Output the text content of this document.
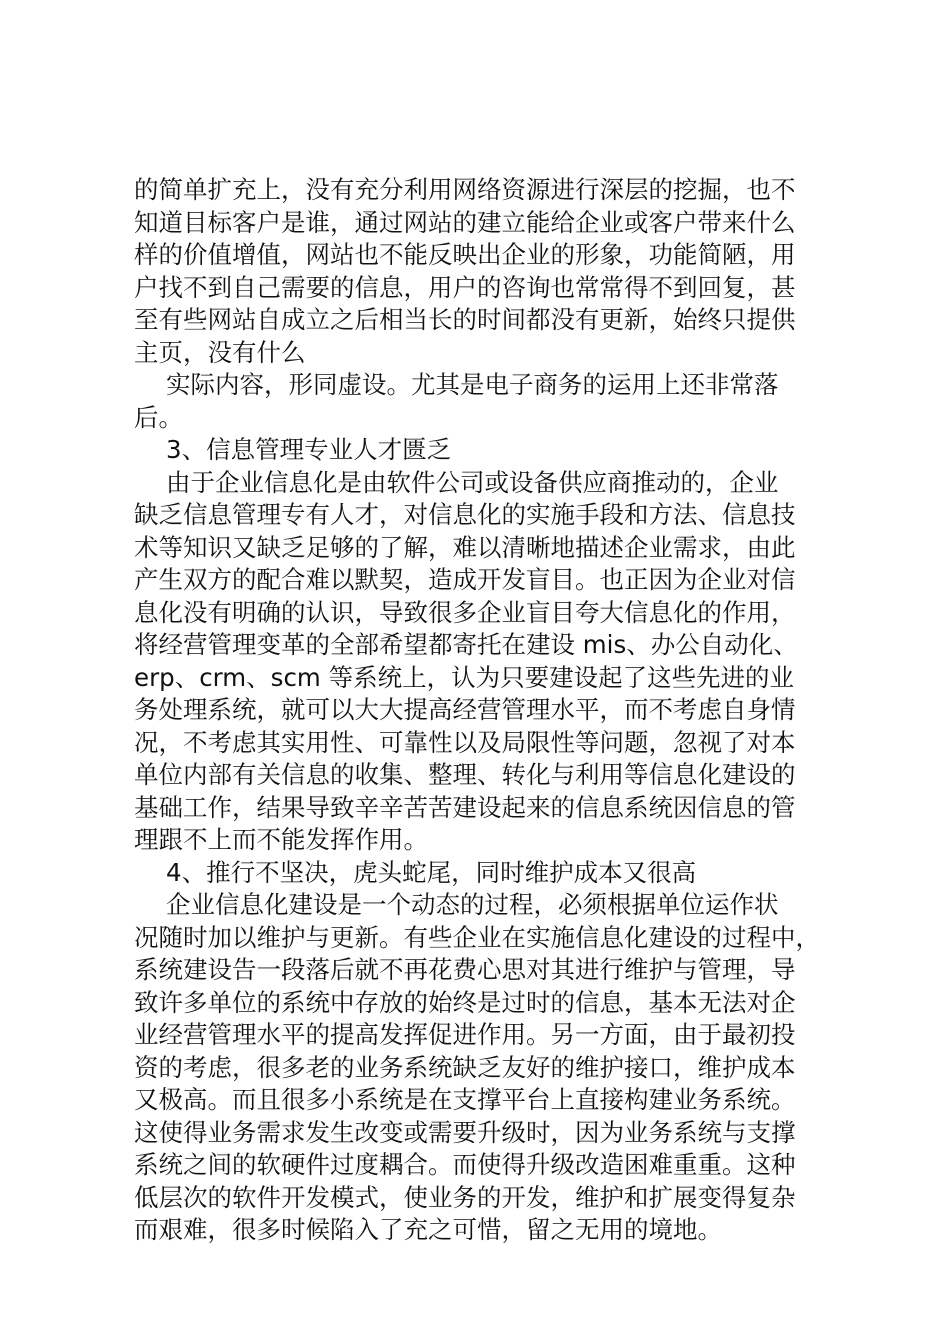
的简单扩充上，没有充分利用网络资源进行深层的挖掘，也不
知道目标客户是谁，通过网站的建立能给企业或客户带来什么
样的价值增值，网站也不能反映出企业的形象，功能简陋，用
户找不到自己需要的信息，用户的咨询也常常得不到回复，甚
至有些网站自成立之后相当长的时间都没有更新，始终只提供
主页，没有什么
实际内容，形同虚设。尤其是电子商务的运用上还非常落
后。
3、信息管理专业人才匮乏
由于企业信息化是由软件公司或设备供应商推动的，企业
缺乏信息管理专有人才，对信息化的实施手段和方法、信息技
术等知识又缺乏足够的了解，难以清晰地描述企业需求，由此
产生双方的配合难以默契，造成开发盲目。也正因为企业对信
息化没有明确的认识，导致很多企业盲目夸大信息化的作用，
将经营管理变革的全部希望都寄托在建设 mis、办公自动化、
erp、crm、scm 等系统上，认为只要建设起了这些先进的业
务处理系统，就可以大大提高经营管理水平，而不考虑自身情
况，不考虑其实用性、可靠性以及局限性等问题，忽视了对本
单位内部有关信息的收集、整理、转化与利用等信息化建设的
基础工作，结果导致辛辛苦苦建设起来的信息系统因信息的管
理跟不上而不能发挥作用。
4、推行不坚决，虎头蛇尾，同时维护成本又很高
企业信息化建设是一个动态的过程，必须根据单位运作状
况随时加以维护与更新。有些企业在实施信息化建设的过程中，
系统建设告一段落后就不再花费心思对其进行维护与管理，导
致许多单位的系统中存放的始终是过时的信息，基本无法对企
业经营管理水平的提高发挥促进作用。另一方面，由于最初投
资的考虑，很多老的业务系统缺乏友好的维护接口，维护成本
又极高。而且很多小系统是在支撑平台上直接构建业务系统。
这使得业务需求发生改变或需要升级时，因为业务系统与支撑
系统之间的软硬件过度耦合。而使得升级改造困难重重。这种
低层次的软件开发模式，使业务的开发，维护和扩展变得复杂
而艰难，很多时候陷入了充之可惜，留之无用的境地。
